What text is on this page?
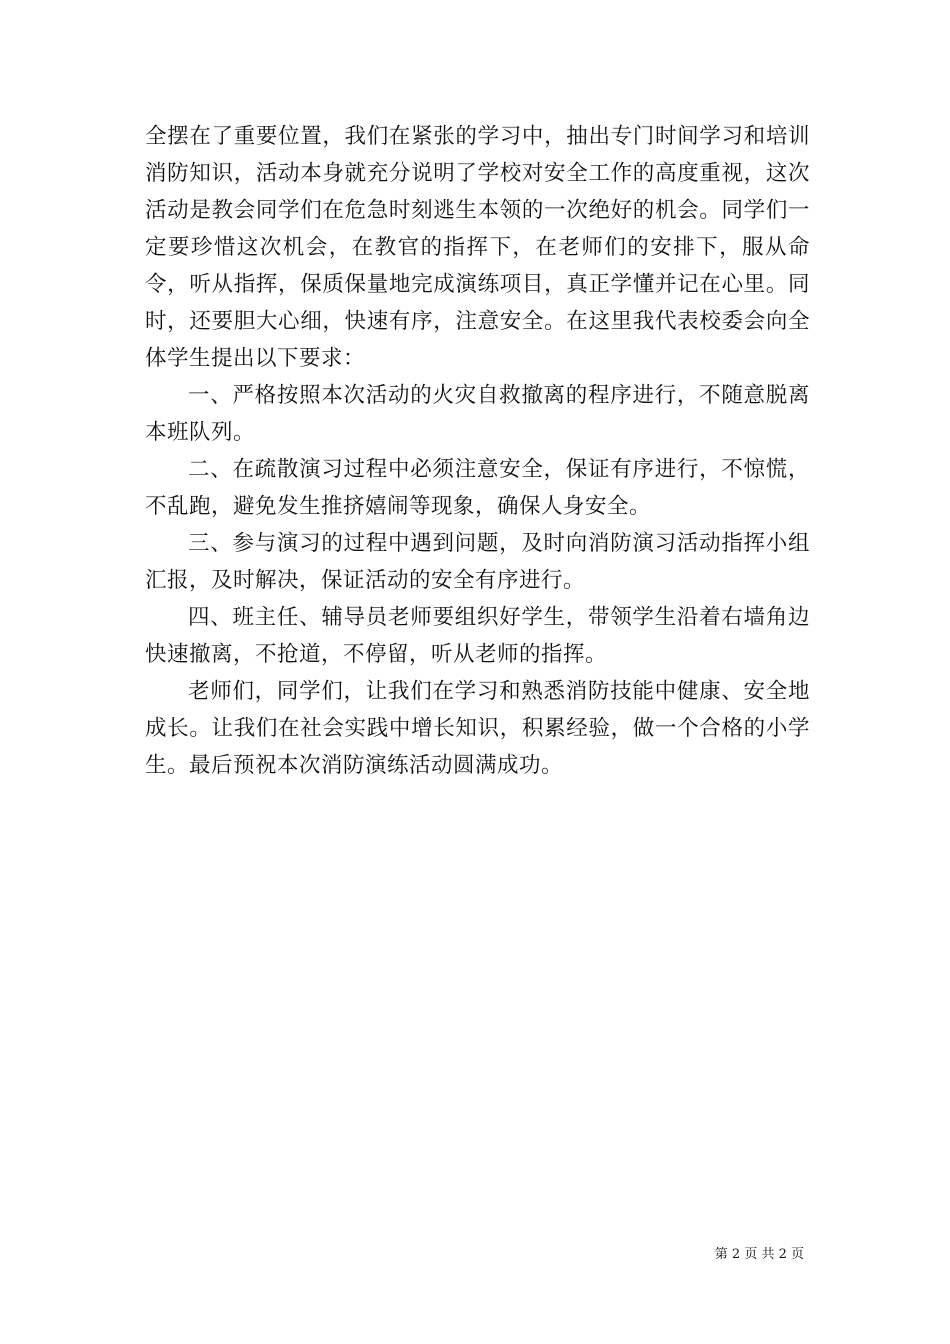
全摆在了重要位置，我们在紧张的学习中，抽出专门时间学习和培训消防知识，活动本身就充分说明了学校对安全工作的高度重视，这次活动是教会同学们在危急时刻逃生本领的一次绝好的机会。同学们一定要珍惜这次机会，在教官的指挥下，在老师们的安排下，服从命令，听从指挥，保质保量地完成演练项目，真正学懂并记在心里。同时，还要胆大心细，快速有序，注意安全。在这里我代表校委会向全体学生提出以下要求：

一、严格按照本次活动的火灾自救撤离的程序进行，不随意脱离本班队列。

二、在疏散演习过程中必须注意安全，保证有序进行，不惊慌，不乱跑，避免发生推挤嬉闹等现象，确保人身安全。

三、参与演习的过程中遇到问题，及时向消防演习活动指挥小组汇报，及时解决，保证活动的安全有序进行。

四、班主任、辅导员老师要组织好学生，带领学生沿着右墙角边快速撤离，不抢道，不停留，听从老师的指挥。

老师们，同学们，让我们在学习和熟悉消防技能中健康、安全地成长。让我们在社会实践中增长知识，积累经验，做一个合格的小学生。最后预祝本次消防演练活动圆满成功。

第 2 页 共 2 页
